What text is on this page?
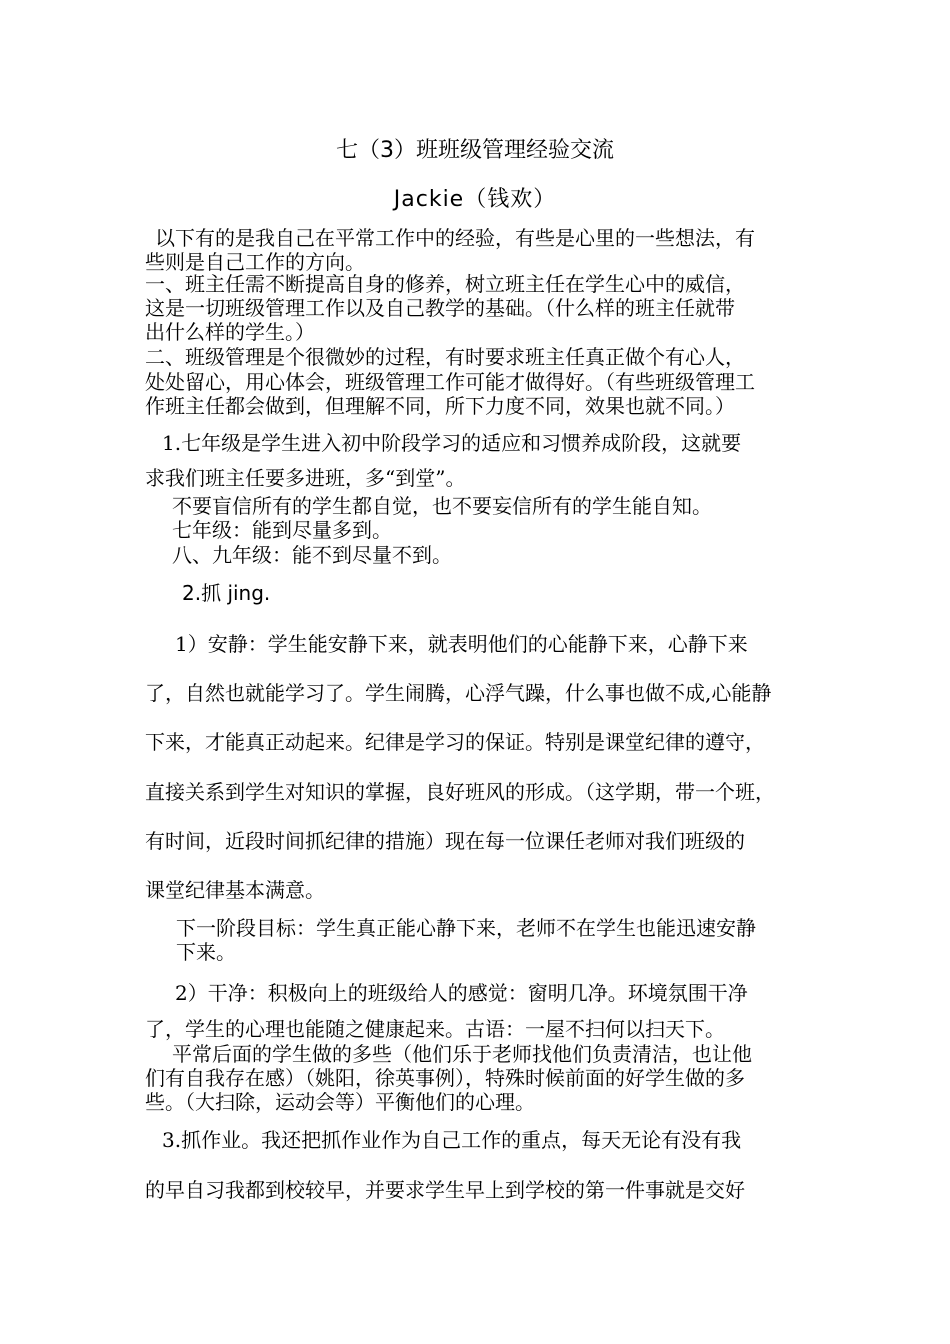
七（3）班班级管理经验交流
Jackie（钱欢）
以下有的是我自己在平常工作中的经验，有些是心里的一些想法，有
些则是自己工作的方向。
一、班主任需不断提高自身的修养，树立班主任在学生心中的威信，
这是一切班级管理工作以及自己教学的基础。（什么样的班主任就带
出什么样的学生。）
二、班级管理是个很微妙的过程，有时要求班主任真正做个有心人，
处处留心，用心体会，班级管理工作可能才做得好。（有些班级管理工
作班主任都会做到，但理解不同，所下力度不同，效果也就不同。）
1.七年级是学生进入初中阶段学习的适应和习惯养成阶段，这就要
求我们班主任要多进班，多“到堂”。
不要盲信所有的学生都自觉，也不要妄信所有的学生能自知。
七年级：能到尽量多到。
八、九年级：能不到尽量不到。
2.抓 jing.
1）安静：学生能安静下来，就表明他们的心能静下来，心静下来
了，自然也就能学习了。学生闹腾，心浮气躁，什么事也做不成,心能静
下来，才能真正动起来。纪律是学习的保证。特别是课堂纪律的遵守，
直接关系到学生对知识的掌握，良好班风的形成。（这学期，带一个班，
有时间，近段时间抓纪律的措施）现在每一位课任老师对我们班级的
课堂纪律基本满意。
下一阶段目标：学生真正能心静下来，老师不在学生也能迅速安静
下来。
2）干净：积极向上的班级给人的感觉：窗明几净。环境氛围干净
了，学生的心理也能随之健康起来。古语：一屋不扫何以扫天下。
平常后面的学生做的多些（他们乐于老师找他们负责清洁，也让他
们有自我存在感）（姚阳，徐英事例），特殊时候前面的好学生做的多
些。（大扫除，运动会等）平衡他们的心理。
3.抓作业。我还把抓作业作为自己工作的重点，每天无论有没有我
的早自习我都到校较早，并要求学生早上到学校的第一件事就是交好
